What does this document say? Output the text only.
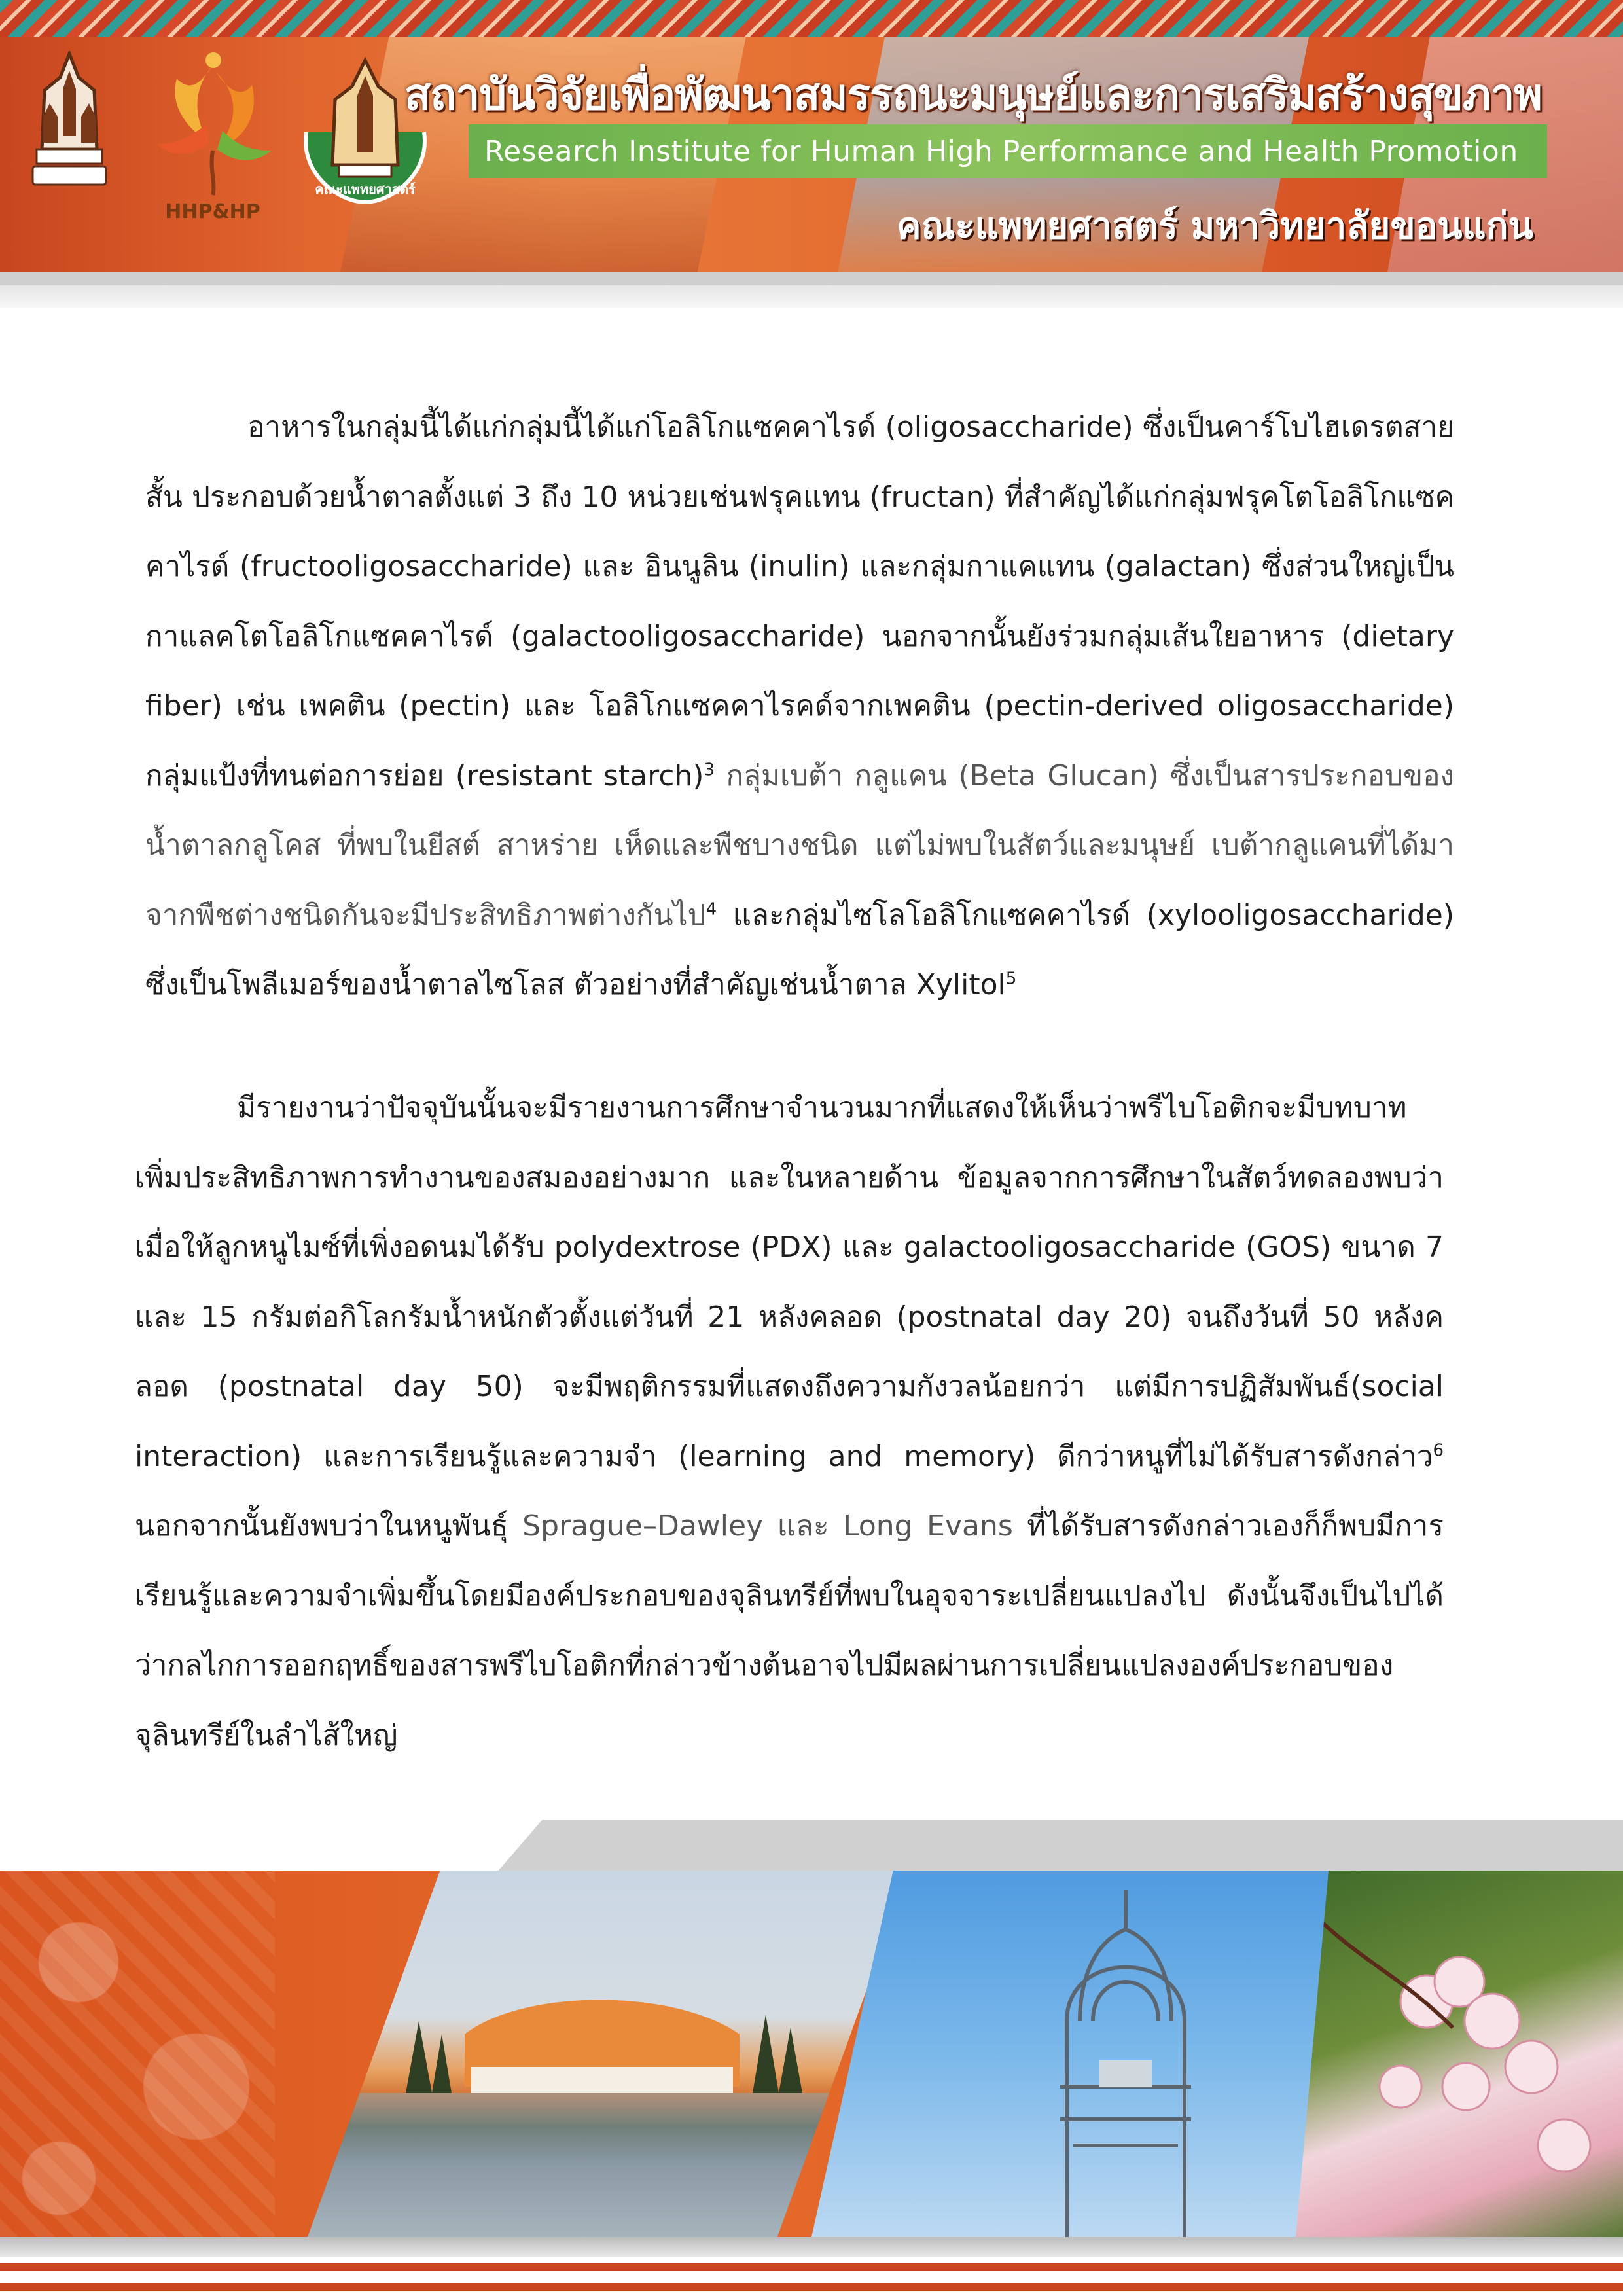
HHP&HP
คณะแพทยศาสตร์
สถาบันวิจัยเพื่อพัฒนาสมรรถนะมนุษย์และการเสริมสร้างสุขภาพ
Research Institute for Human High Performance and Health Promotion
คณะแพทยศาสตร์ มหาวิทยาลัยขอนแก่น
อาหารในกลุ่มนี้ได้แก่กลุ่มนี้ได้แก่โอลิโกแซคคาไรด์ (oligosaccharide) ซึ่งเป็นคาร์โบไฮเดรตสายสั้น ประกอบด้วยน้ำตาลตั้งแต่ 3 ถึง 10 หน่วยเช่นฟรุคแทน (fructan) ที่สำคัญได้แก่กลุ่มฟรุคโตโอลิโกแซคคาไรด์ (fructooligosaccharide) และ อินนูลิน (inulin) และกลุ่มกาแคแทน (galactan) ซึ่งส่วนใหญ่เป็นกาแลคโตโอลิโกแซคคาไรด์ (galactooligosaccharide) นอกจากนั้นยังร่วมกลุ่มเส้นใยอาหาร (dietary fiber) เช่น เพคติน (pectin) และ โอลิโกแซคคาไรคด์จากเพคติน (pectin-derived oligosaccharide) กลุ่มแป้งที่ทนต่อการย่อย (resistant starch)$^3$ กลุ่มเบต้า กลูแคน (Beta Glucan) ซึ่งเป็นสารประกอบของน้ำตาลกลูโคส ที่พบในยีสต์ สาหร่าย เห็ดและพืชบางชนิด แต่ไม่พบในสัตว์และมนุษย์ เบต้ากลูแคนที่ได้มาจากพืชต่างชนิดกันจะมีประสิทธิภาพต่างกันไป$^4$ และกลุ่มไซโลโอลิโกแซคคาไรด์ (xylooligosaccharide) ซึ่งเป็นโพลีเมอร์ของน้ำตาลไซโลส ตัวอย่างที่สำคัญเช่นน้ำตาล Xylitol$^5$
มีรายงานว่าปัจจุบันนั้นจะมีรายงานการศึกษาจำนวนมากที่แสดงให้เห็นว่าพรีไบโอติกจะมีบทบาทเพิ่มประสิทธิภาพการทำงานของสมองอย่างมาก และในหลายด้าน ข้อมูลจากการศึกษาในสัตว์ทดลองพบว่าเมื่อให้ลูกหนูไมซ์ที่เพิ่งอดนมได้รับ polydextrose (PDX) และ galactooligosaccharide (GOS) ขนาด 7 และ 15 กรัมต่อกิโลกรัมน้ำหนักตัวตั้งแต่วันที่ 21 หลังคลอด (postnatal day 20) จนถึงวันที่ 50 หลังคลอด (postnatal day 50) จะมีพฤติกรรมที่แสดงถึงความกังวลน้อยกว่า แต่มีการปฏิสัมพันธ์(social interaction) และการเรียนรู้และความจำ (learning and memory) ดีกว่าหนูที่ไม่ได้รับสารดังกล่าว$^6$ นอกจากนั้นยังพบว่าในหนูพันธุ์ Sprague–Dawley และ Long Evans ที่ได้รับสารดังกล่าวเองก็ก็พบมีการเรียนรู้และความจำเพิ่มขึ้นโดยมีองค์ประกอบของจุลินทรีย์ที่พบในอุจจาระเปลี่ยนแปลงไป ดังนั้นจึงเป็นไปได้ว่ากลไกการออกฤทธิ์ของสารพรีไบโอติกที่กล่าวข้างต้นอาจไปมีผลผ่านการเปลี่ยนแปลงองค์ประกอบของจุลินทรีย์ในลำไส้ใหญ่
